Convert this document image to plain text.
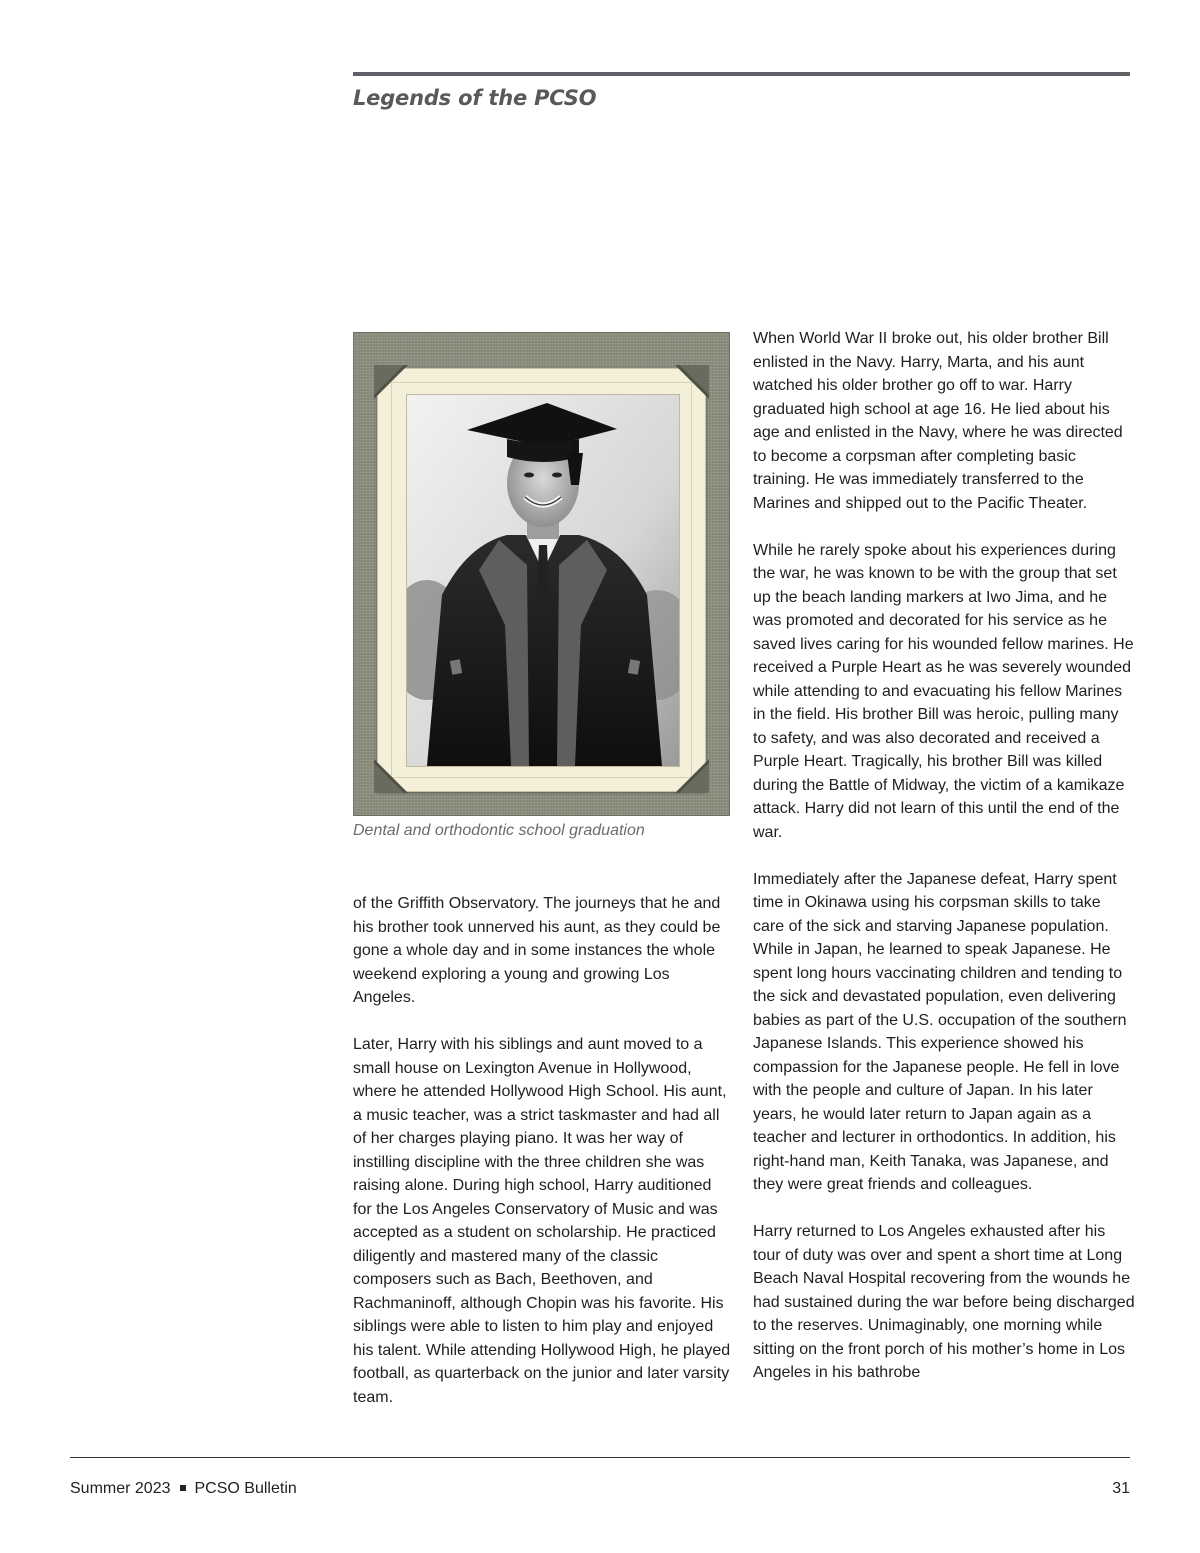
Legends of the PCSO

Dental and orthodontic school graduation

of the Griffith Observatory. The journeys that he and his brother took unnerved his aunt, as they could be gone a whole day and in some instances the whole weekend exploring a young and growing Los Angeles.

Later, Harry with his siblings and aunt moved to a small house on Lexington Avenue in Hollywood, where he attended Hollywood High School. His aunt, a music teacher, was a strict taskmaster and had all of her charges playing piano. It was her way of instilling discipline with the three children she was raising alone. During high school, Harry auditioned for the Los Angeles Conservatory of Music and was accepted as a student on scholarship. He practiced diligently and mastered many of the classic composers such as Bach, Beethoven, and Rachmaninoff, although Chopin was his favorite. His siblings were able to listen to him play and enjoyed his talent. While attending Hollywood High, he played football, as quarterback on the junior and later varsity team.

When World War II broke out, his older brother Bill enlisted in the Navy. Harry, Marta, and his aunt watched his older brother go off to war. Harry graduated high school at age 16. He lied about his age and enlisted in the Navy, where he was directed to become a corpsman after completing basic training. He was immediately transferred to the Marines and shipped out to the Pacific Theater.

While he rarely spoke about his experiences during the war, he was known to be with the group that set up the beach landing markers at Iwo Jima, and he was promoted and decorated for his service as he saved lives caring for his wounded fellow marines. He received a Purple Heart as he was severely wounded while attending to and evacuating his fellow Marines in the field. His brother Bill was heroic, pulling many to safety, and was also decorated and received a Purple Heart. Tragically, his brother Bill was killed during the Battle of Midway, the victim of a kamikaze attack. Harry did not learn of this until the end of the war.

Immediately after the Japanese defeat, Harry spent time in Okinawa using his corpsman skills to take care of the sick and starving Japanese population. While in Japan, he learned to speak Japanese. He spent long hours vaccinating children and tending to the sick and devastated population, even delivering babies as part of the U.S. occupation of the southern Japanese Islands. This experience showed his compassion for the Japanese people. He fell in love with the people and culture of Japan. In his later years, he would later return to Japan again as a teacher and lecturer in orthodontics. In addition, his right-hand man, Keith Tanaka, was Japanese, and they were great friends and colleagues.

Harry returned to Los Angeles exhausted after his tour of duty was over and spent a short time at Long Beach Naval Hospital recovering from the wounds he had sustained during the war before being discharged to the reserves. Unimaginably, one morning while sitting on the front porch of his mother’s home in Los Angeles in his bathrobe

Summer 2023 PCSO Bulletin	31
